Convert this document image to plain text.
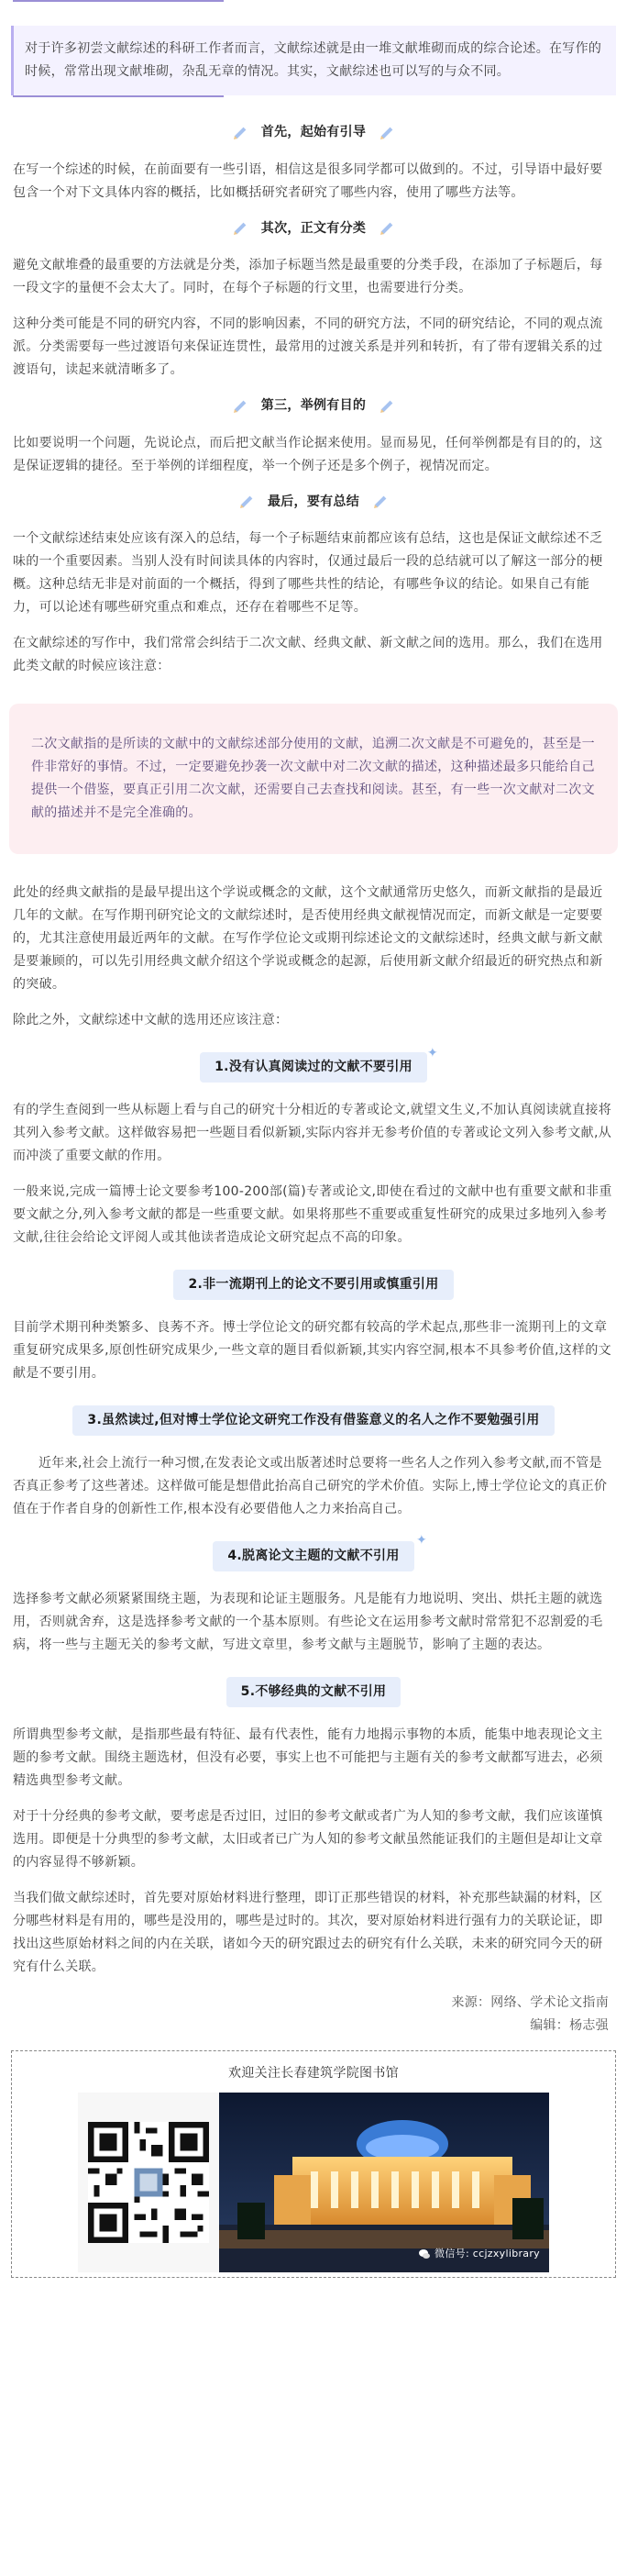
对于许多初尝文献综述的科研工作者而言，文献综述就是由一堆文献堆砌而成的综合论述。在写作的时候，常常出现文献堆砌，杂乱无章的情况。其实，文献综述也可以写的与众不同。

首先，起始有引导

在写一个综述的时候，在前面要有一些引语，相信这是很多同学都可以做到的。不过，引导语中最好要包含一个对下文具体内容的概括，比如概括研究者研究了哪些内容，使用了哪些方法等。

其次，正文有分类

避免文献堆叠的最重要的方法就是分类，添加子标题当然是最重要的分类手段，在添加了子标题后，每一段文字的量便不会太大了。同时，在每个子标题的行文里，也需要进行分类。

这种分类可能是不同的研究内容，不同的影响因素，不同的研究方法，不同的研究结论，不同的观点流派。分类需要每一些过渡语句来保证连贯性，最常用的过渡关系是并列和转折，有了带有逻辑关系的过渡语句，读起来就清晰多了。

第三，举例有目的

比如要说明一个问题，先说论点，而后把文献当作论据来使用。显而易见，任何举例都是有目的的，这是保证逻辑的捷径。至于举例的详细程度，举一个例子还是多个例子，视情况而定。

最后，要有总结

一个文献综述结束处应该有深入的总结，每一个子标题结束前都应该有总结，这也是保证文献综述不乏味的一个重要因素。当别人没有时间读具体的内容时，仅通过最后一段的总结就可以了解这一部分的梗概。这种总结无非是对前面的一个概括，得到了哪些共性的结论，有哪些争议的结论。如果自己有能力，可以论述有哪些研究重点和难点，还存在着哪些不足等。

在文献综述的写作中，我们常常会纠结于二次文献、经典文献、新文献之间的选用。那么，我们在选用此类文献的时候应该注意：

二次文献指的是所读的文献中的文献综述部分使用的文献，追溯二次文献是不可避免的，甚至是一件非常好的事情。不过，一定要避免抄袭一次文献中对二次文献的描述，这种描述最多只能给自己提供一个借鉴，要真正引用二次文献，还需要自己去查找和阅读。甚至，有一些一次文献对二次文献的描述并不是完全准确的。

此处的经典文献指的是最早提出这个学说或概念的文献，这个文献通常历史悠久，而新文献指的是最近几年的文献。在写作期刊研究论文的文献综述时，是否使用经典文献视情况而定，而新文献是一定要要的，尤其注意使用最近两年的文献。在写作学位论文或期刊综述论文的文献综述时，经典文献与新文献是要兼顾的，可以先引用经典文献介绍这个学说或概念的起源，后使用新文献介绍最近的研究热点和新的突破。

除此之外，文献综述中文献的选用还应该注意：

1.没有认真阅读过的文献不要引用
✦

有的学生查阅到一些从标题上看与自己的研究十分相近的专著或论文,就望文生义,不加认真阅读就直接将其列入参考文献。这样做容易把一些题目看似新颖,实际内容并无参考价值的专著或论文列入参考文献,从而冲淡了重要文献的作用。

一般来说,完成一篇博士论文要参考100-200部(篇)专著或论文,即使在看过的文献中也有重要文献和非重要文献之分,列入参考文献的都是一些重要文献。如果将那些不重要或重复性研究的成果过多地列入参考文献,往往会给论文评阅人或其他读者造成论文研究起点不高的印象。

2.非一流期刊上的论文不要引用或慎重引用

目前学术期刊种类繁多、良莠不齐。博士学位论文的研究都有较高的学术起点,那些非一流期刊上的文章重复研究成果多,原创性研究成果少,一些文章的题目看似新颖,其实内容空洞,根本不具参考价值,这样的文献是不要引用。

3.虽然读过,但对博士学位论文研究工作没有借鉴意义的名人之作不要勉强引用

近年来,社会上流行一种习惯,在发表论文或出版著述时总要将一些名人之作列入参考文献,而不管是否真正参考了这些著述。这样做可能是想借此抬高自己研究的学术价值。实际上,博士学位论文的真正价值在于作者自身的创新性工作,根本没有必要借他人之力来抬高自己。

4.脱离论文主题的文献不引用
✦

选择参考文献必须紧紧围绕主题，为表现和论证主题服务。凡是能有力地说明、突出、烘托主题的就选用，否则就舍弃，这是选择参考文献的一个基本原则。有些论文在运用参考文献时常常犯不忍割爱的毛病，将一些与主题无关的参考文献，写进文章里，参考文献与主题脱节，影响了主题的表达。

5.不够经典的文献不引用

所谓典型参考文献，是指那些最有特征、最有代表性，能有力地揭示事物的本质，能集中地表现论文主题的参考文献。围绕主题选材，但没有必要，事实上也不可能把与主题有关的参考文献都写进去，必须精选典型参考文献。

对于十分经典的参考文献，要考虑是否过旧，过旧的参考文献或者广为人知的参考文献，我们应该谨慎选用。即便是十分典型的参考文献，太旧或者已广为人知的参考文献虽然能证我们的主题但是却让文章的内容显得不够新颖。

当我们做文献综述时，首先要对原始材料进行整理，即订正那些错误的材料，补充那些缺漏的材料，区分哪些材料是有用的，哪些是没用的，哪些是过时的。其次，要对原始材料进行强有力的关联论证，即找出这些原始材料之间的内在关联，诸如今天的研究跟过去的研究有什么关联，未来的研究同今天的研究有什么关联。

来源：网络、学术论文指南

编辑：杨志强

欢迎关注长春建筑学院图书馆

微信号: ccjzxylibrary
